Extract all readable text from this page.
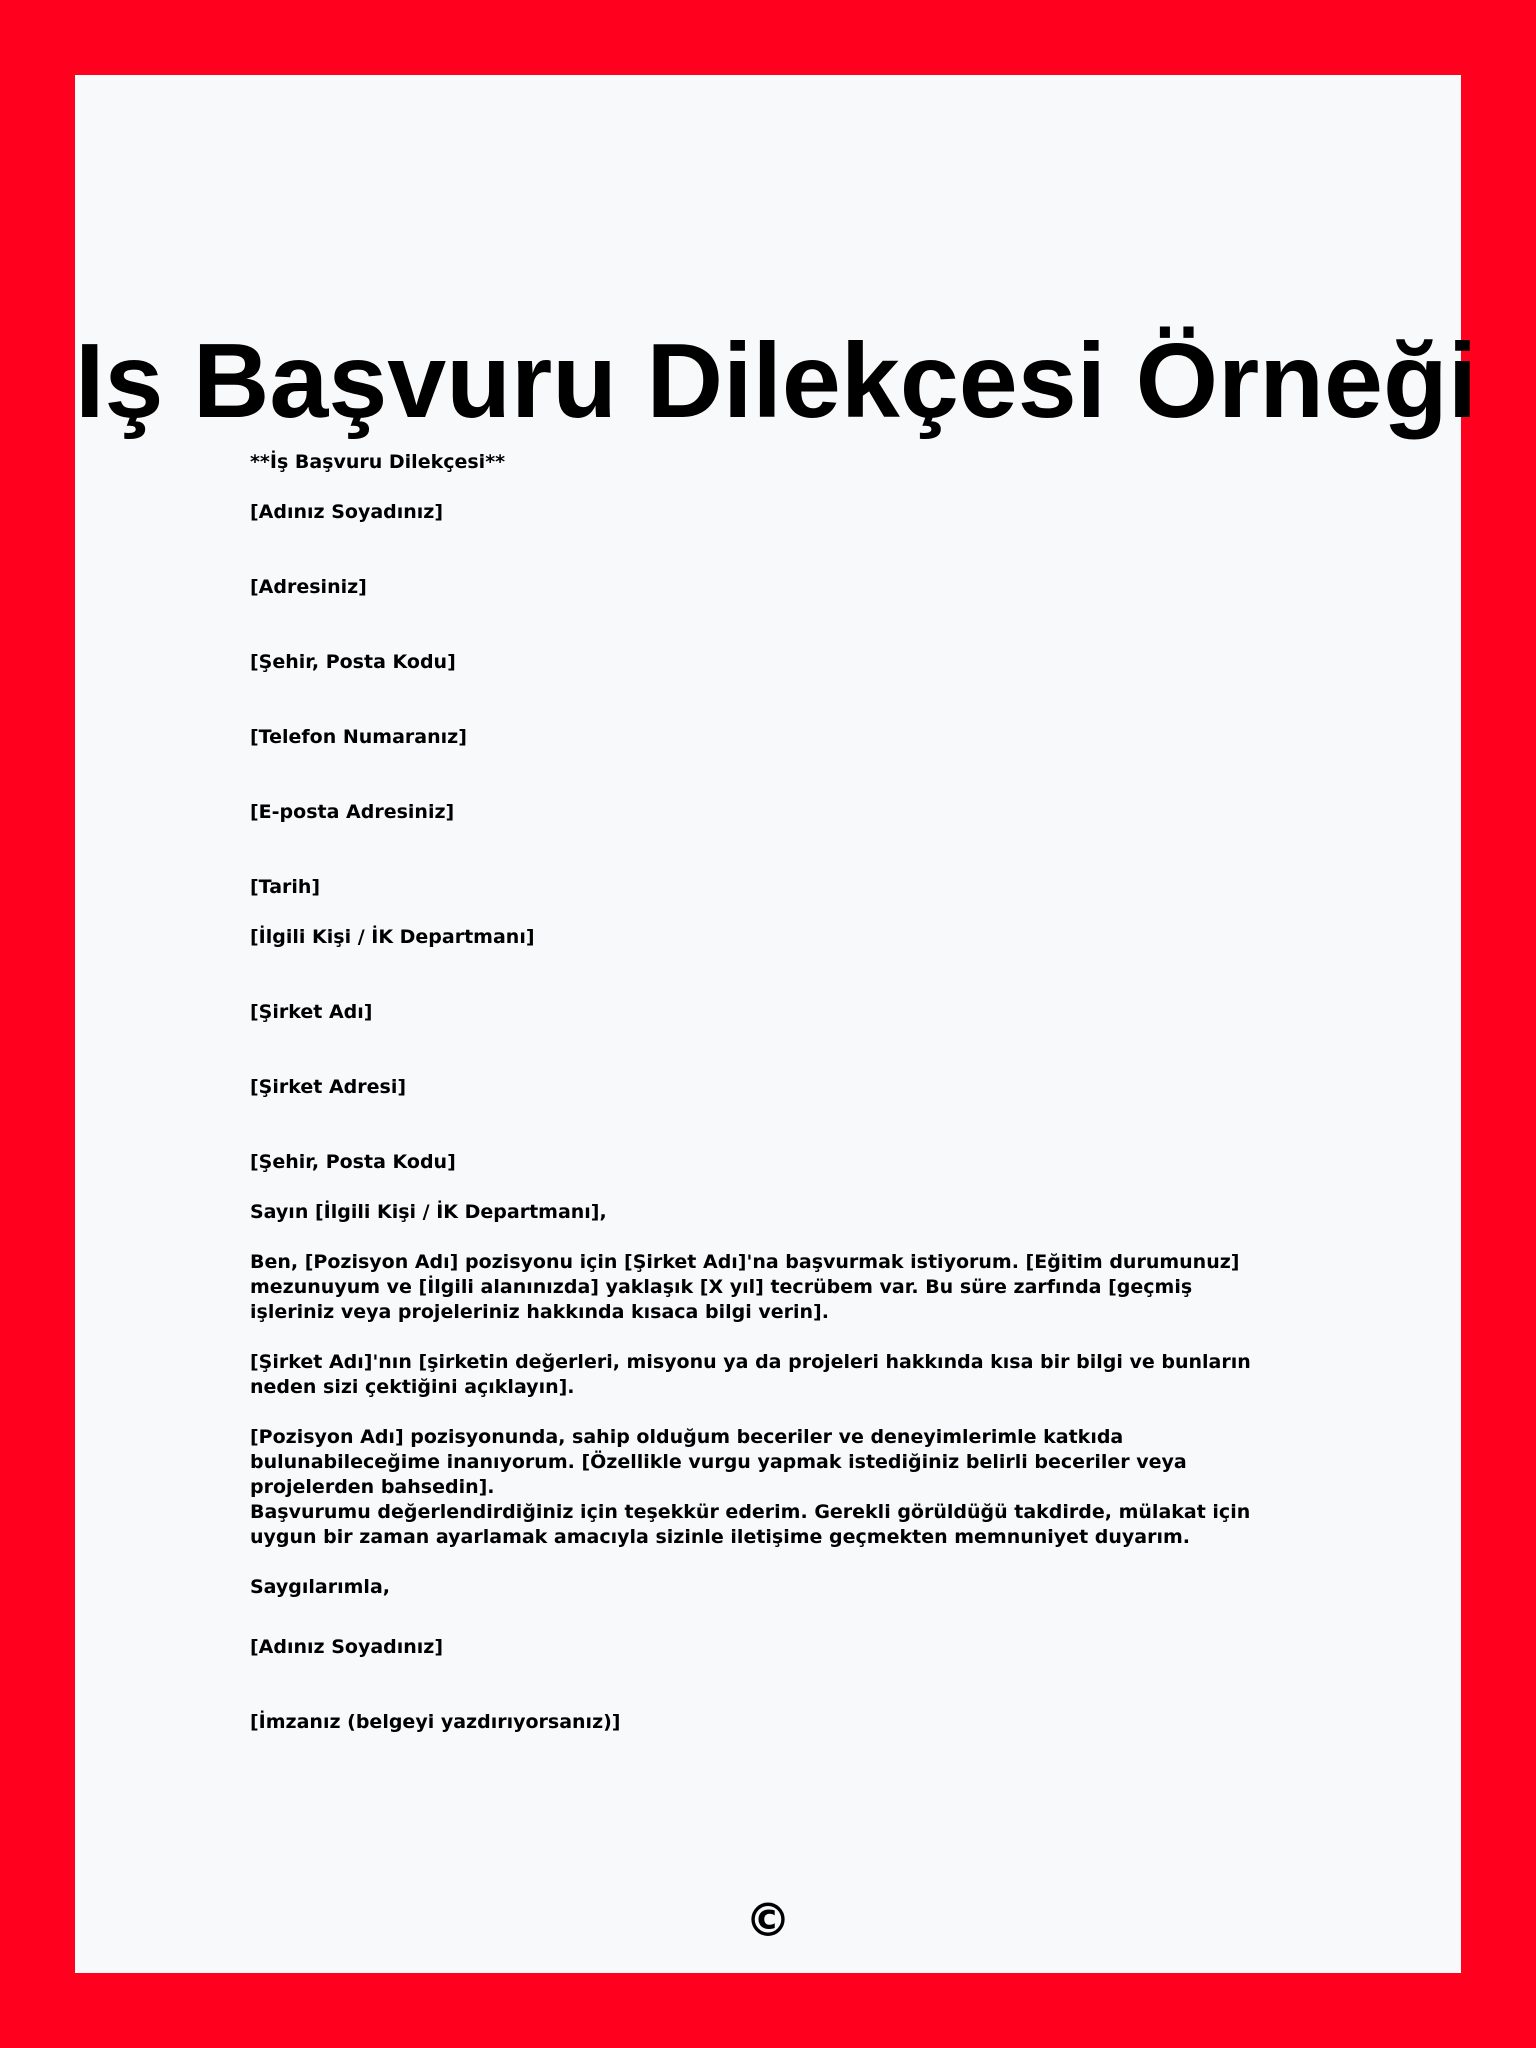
Iş Başvuru Dilekçesi Örneği
**İş Başvuru Dilekçesi**
[Adınız Soyadınız]
[Adresiniz]
[Şehir, Posta Kodu]
[Telefon Numaranız]
[E-posta Adresiniz]
[Tarih]
[İlgili Kişi / İK Departmanı]
[Şirket Adı]
[Şirket Adresi]
[Şehir, Posta Kodu]
Sayın [İlgili Kişi / İK Departmanı],

Ben, [Pozisyon Adı] pozisyonu için [Şirket Adı]'na başvurmak istiyorum. [Eğitim durumunuz] mezunuyum ve [İlgili alanınızda] yaklaşık [X yıl] tecrübem var. Bu süre zarfında [geçmiş işleriniz veya projeleriniz hakkında kısaca bilgi verin].

[Şirket Adı]'nın [şirketin değerleri, misyonu ya da projeleri hakkında kısa bir bilgi ve bunların neden sizi çektiğini açıklayın].

[Pozisyon Adı] pozisyonunda, sahip olduğum beceriler ve deneyimlerimle katkıda bulunabileceğime inanıyorum. [Özellikle vurgu yapmak istediğiniz belirli beceriler veya projelerden bahsedin].

Başvurumu değerlendirdiğiniz için teşekkür ederim. Gerekli görüldüğü takdirde, mülakat için uygun bir zaman ayarlamak amacıyla sizinle iletişime geçmekten memnuniyet duyarım.

Saygılarımla,
[Adınız Soyadınız]
[İmzanız (belgeyi yazdırıyorsanız)]
©
